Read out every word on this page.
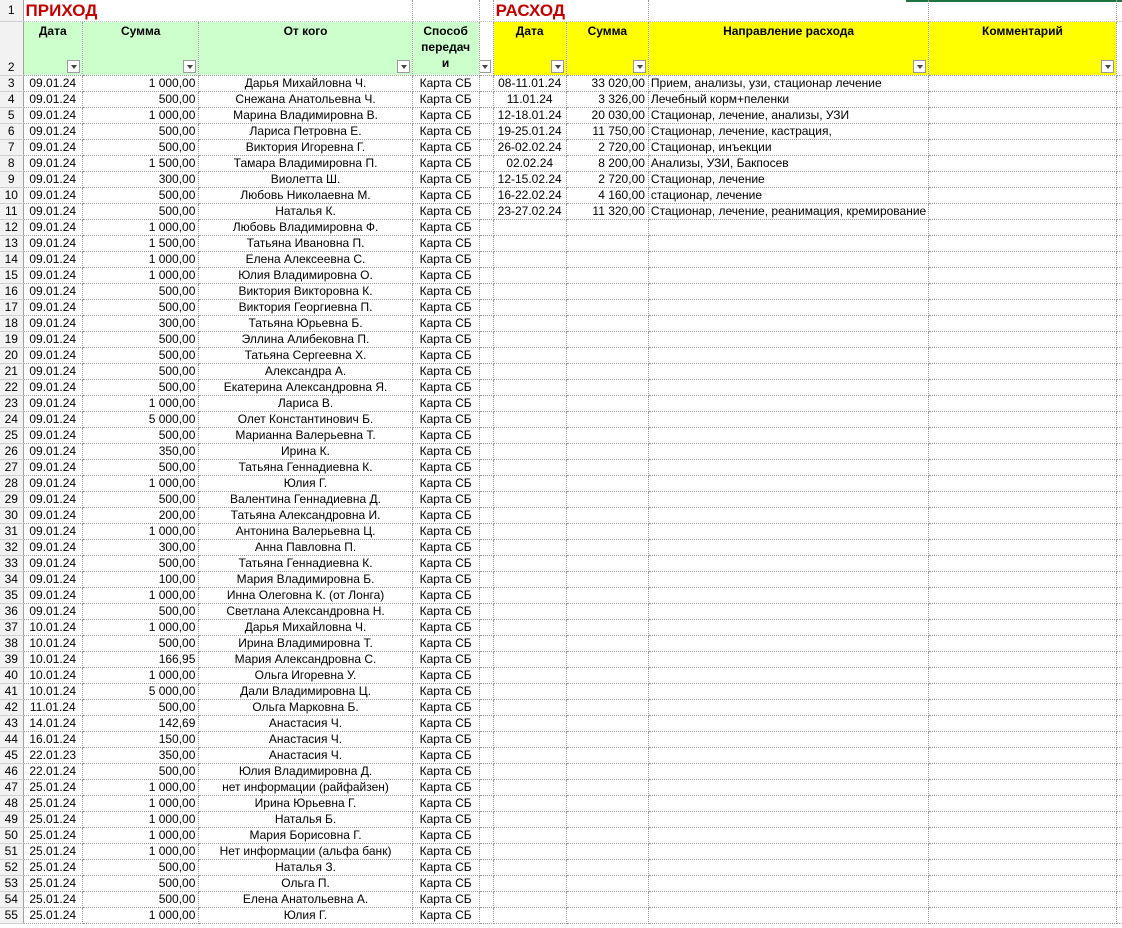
1	ПРИХОД					РАСХОД				
2	Дата	Сумма	От кого	Способ
передач
и		Дата	Сумма	Направление расхода	Комментарий	

3	09.01.24	1 000,00	Дарья Михайловна Ч.	Карта СБ		08-11.01.24	33 020,00	Прием, анализы, узи, стационар лечение		
4	09.01.24	500,00	Снежана Анатольевна Ч.	Карта СБ		11.01.24	3 326,00	Лечебный корм+пеленки		
5	09.01.24	1 000,00	Марина Владимировна В.	Карта СБ		12-18.01.24	20 030,00	Стационар, лечение, анализы, УЗИ		
6	09.01.24	500,00	Лариса Петровна Е.	Карта СБ		19-25.01.24	11 750,00	Стационар, лечение, кастрация,		
7	09.01.24	500,00	Виктория Игоревна Г.	Карта СБ		26-02.02.24	2 720,00	Стационар, инъекции		
8	09.01.24	1 500,00	Тамара Владимировна П.	Карта СБ		02.02.24	8 200,00	Анализы, УЗИ, Бакпосев		
9	09.01.24	300,00	Виолетта Ш.	Карта СБ		12-15.02.24	2 720,00	Стационар, лечение		
10	09.01.24	500,00	Любовь Николаевна М.	Карта СБ		16-22.02.24	4 160,00	стационар, лечение		
11	09.01.24	500,00	Наталья К.	Карта СБ		23-27.02.24	11 320,00	Стационар, лечение, реанимация, кремирование		
12	09.01.24	1 000,00	Любовь Владимировна Ф.	Карта СБ						
13	09.01.24	1 500,00	Татьяна Ивановна П.	Карта СБ						
14	09.01.24	1 000,00	Елена Алексеевна С.	Карта СБ						
15	09.01.24	1 000,00	Юлия Владимировна О.	Карта СБ						
16	09.01.24	500,00	Виктория Викторовна К.	Карта СБ						
17	09.01.24	500,00	Виктория Георгиевна П.	Карта СБ						
18	09.01.24	300,00	Татьяна Юрьевна Б.	Карта СБ						
19	09.01.24	500,00	Эллина Алибековна П.	Карта СБ						
20	09.01.24	500,00	Татьяна Сергеевна Х.	Карта СБ						
21	09.01.24	500,00	Александра А.	Карта СБ						
22	09.01.24	500,00	Екатерина Александровна Я.	Карта СБ						
23	09.01.24	1 000,00	Лариса В.	Карта СБ						
24	09.01.24	5 000,00	Олет Константинович Б.	Карта СБ						
25	09.01.24	500,00	Марианна Валерьевна Т.	Карта СБ						
26	09.01.24	350,00	Ирина К.	Карта СБ						
27	09.01.24	500,00	Татьяна Геннадиевна К.	Карта СБ						
28	09.01.24	1 000,00	Юлия Г.	Карта СБ						
29	09.01.24	500,00	Валентина Геннадиевна Д.	Карта СБ						
30	09.01.24	200,00	Татьяна Александровна И.	Карта СБ						
31	09.01.24	1 000,00	Антонина Валерьевна Ц.	Карта СБ						
32	09.01.24	300,00	Анна Павловна П.	Карта СБ						
33	09.01.24	500,00	Татьяна Геннадиевна К.	Карта СБ						
34	09.01.24	100,00	Мария Владимировна Б.	Карта СБ						
35	09.01.24	1 000,00	Инна Олеговна К. (от Лонга)	Карта СБ						
36	09.01.24	500,00	Светлана Александровна Н.	Карта СБ						
37	10.01.24	1 000,00	Дарья Михайловна Ч.	Карта СБ						
38	10.01.24	500,00	Ирина Владимировна Т.	Карта СБ						
39	10.01.24	166,95	Мария Александровна С.	Карта СБ						
40	10.01.24	1 000,00	Ольга Игоревна У.	Карта СБ						
41	10.01.24	5 000,00	Дали Владимировна Ц.	Карта СБ						
42	11.01.24	500,00	Ольга Марковна Б.	Карта СБ						
43	14.01.24	142,69	Анастасия Ч.	Карта СБ						
44	16.01.24	150,00	Анастасия Ч.	Карта СБ						
45	22.01.23	350,00	Анастасия Ч.	Карта СБ						
46	22.01.24	500,00	Юлия Владимировна Д.	Карта СБ						
47	25.01.24	1 000,00	нет информации (райфайзен)	Карта СБ						
48	25.01.24	1 000,00	Ирина Юрьевна Г.	Карта СБ						
49	25.01.24	1 000,00	Наталья Б.	Карта СБ						
50	25.01.24	1 000,00	Мария Борисовна Г.	Карта СБ						
51	25.01.24	1 000,00	Нет информации (альфа банк)	Карта СБ						
52	25.01.24	500,00	Наталья З.	Карта СБ						
53	25.01.24	500,00	Ольга П.	Карта СБ						
54	25.01.24	500,00	Елена Анатольевна А.	Карта СБ						
55	25.01.24	1 000,00	Юлия Г.	Карта СБ						
